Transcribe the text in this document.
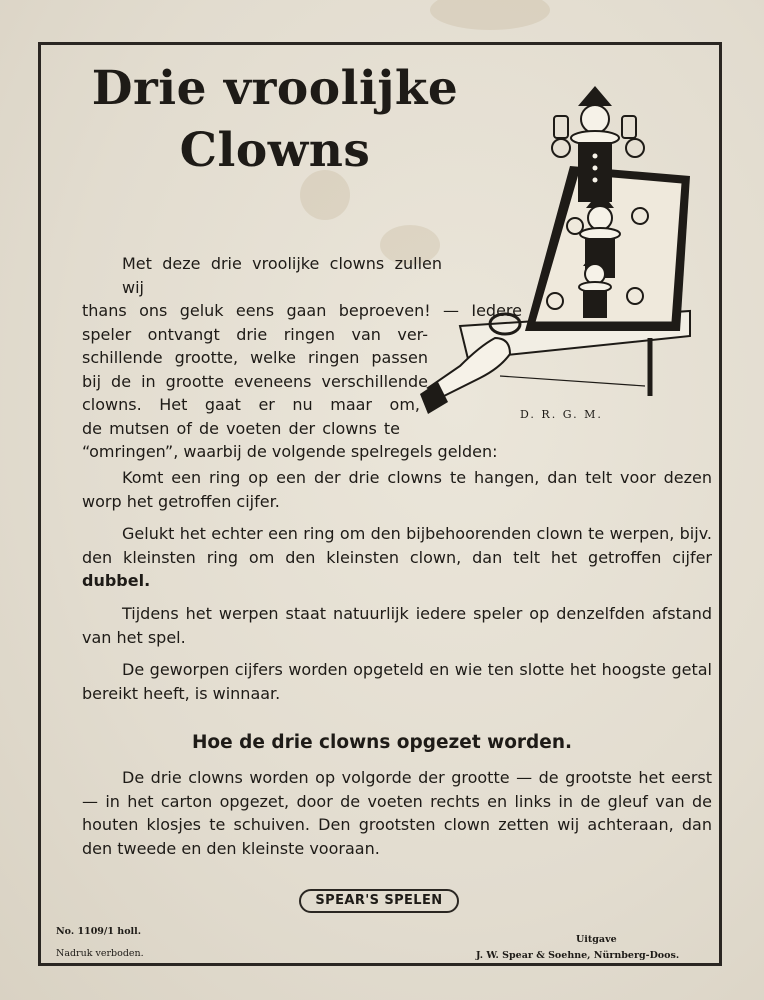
Drie vroolijke
Clowns
D. R. G. M.
Met deze drie vroolijke clowns zullen wij
thans ons geluk eens gaan beproeven! — Iedere
speler ontvangt drie ringen van ver-
schillende grootte, welke ringen passen
bij de in grootte eveneens verschillende
clowns. Het gaat er nu maar om,
de mutsen of de voeten der clowns te
“omringen”, waarbij de volgende spelregels gelden:
Komt een ring op een der drie clowns te hangen, dan telt voor dezen worp het getroffen cijfer.
Gelukt het echter een ring om den bijbehoorenden clown te werpen, bijv. den kleinsten ring om den kleinsten clown, dan telt het getroffen cijfer dubbel.
Tijdens het werpen staat natuurlijk iedere speler op denzelfden afstand van het spel.
De geworpen cijfers worden opgeteld en wie ten slotte het hoogste getal bereikt heeft, is winnaar.
Hoe de drie clowns opgezet worden.
De drie clowns worden op volgorde der grootte — de grootste het eerst — in het carton opgezet, door de voeten rechts en links in de gleuf van de houten klosjes te schuiven. Den grootsten clown zetten wij achteraan, dan den tweede en den kleinste vooraan.
SPEAR'S SPELEN
No. 1109/1 holl.
Nadruk verboden.
Uitgave
J. W. Spear & Soehne, Nürnberg-Doos.
